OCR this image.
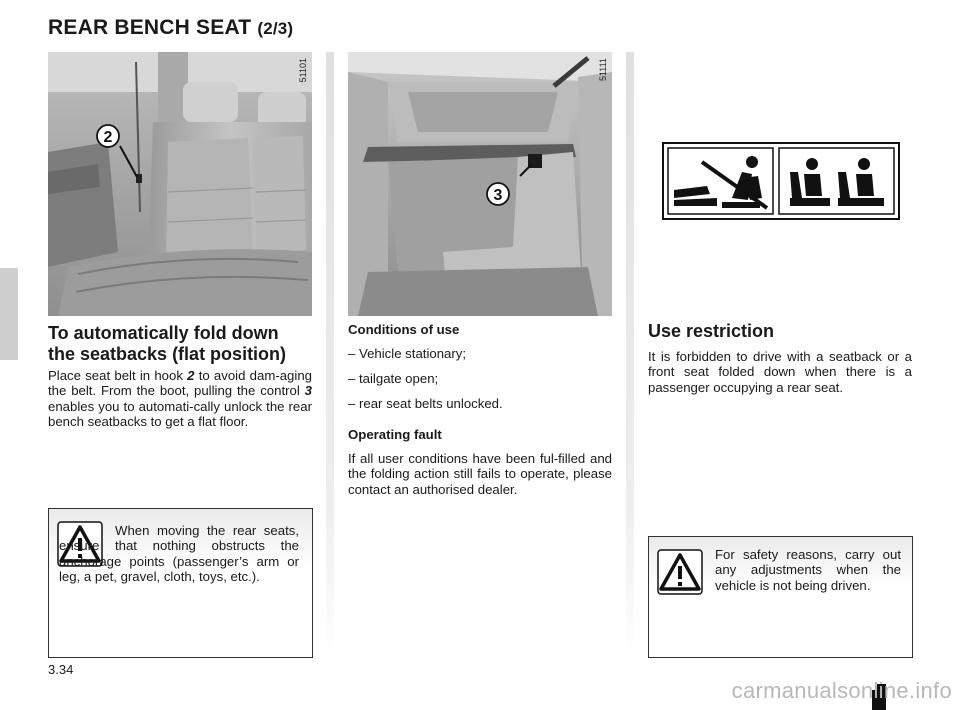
REAR BENCH SEAT (2/3)
2
51101
3
51111
To automatically fold down
the seatbacks (flat position)
Place seat belt in hook 2 to avoid dam-aging the belt. From the boot, pulling the control 3 enables you to automati-cally unlock the rear bench seatbacks to get a flat floor.
When moving the rear seats, ensure that nothing obstructs the anchorage points (passenger’s arm or leg, a pet, gravel, cloth, toys, etc.).
Conditions of use
– Vehicle stationary;
– tailgate open;
– rear seat belts unlocked.
Operating fault
If all user conditions have been ful-filled and the folding action still fails to operate, please contact an authorised dealer.
Use restriction
It is forbidden to drive with a seatback or a front seat folded down when there is a passenger occupying a rear seat.
For safety reasons, carry out any adjustments when the vehicle is not being driven.
3.34
carmanualsonline.info
